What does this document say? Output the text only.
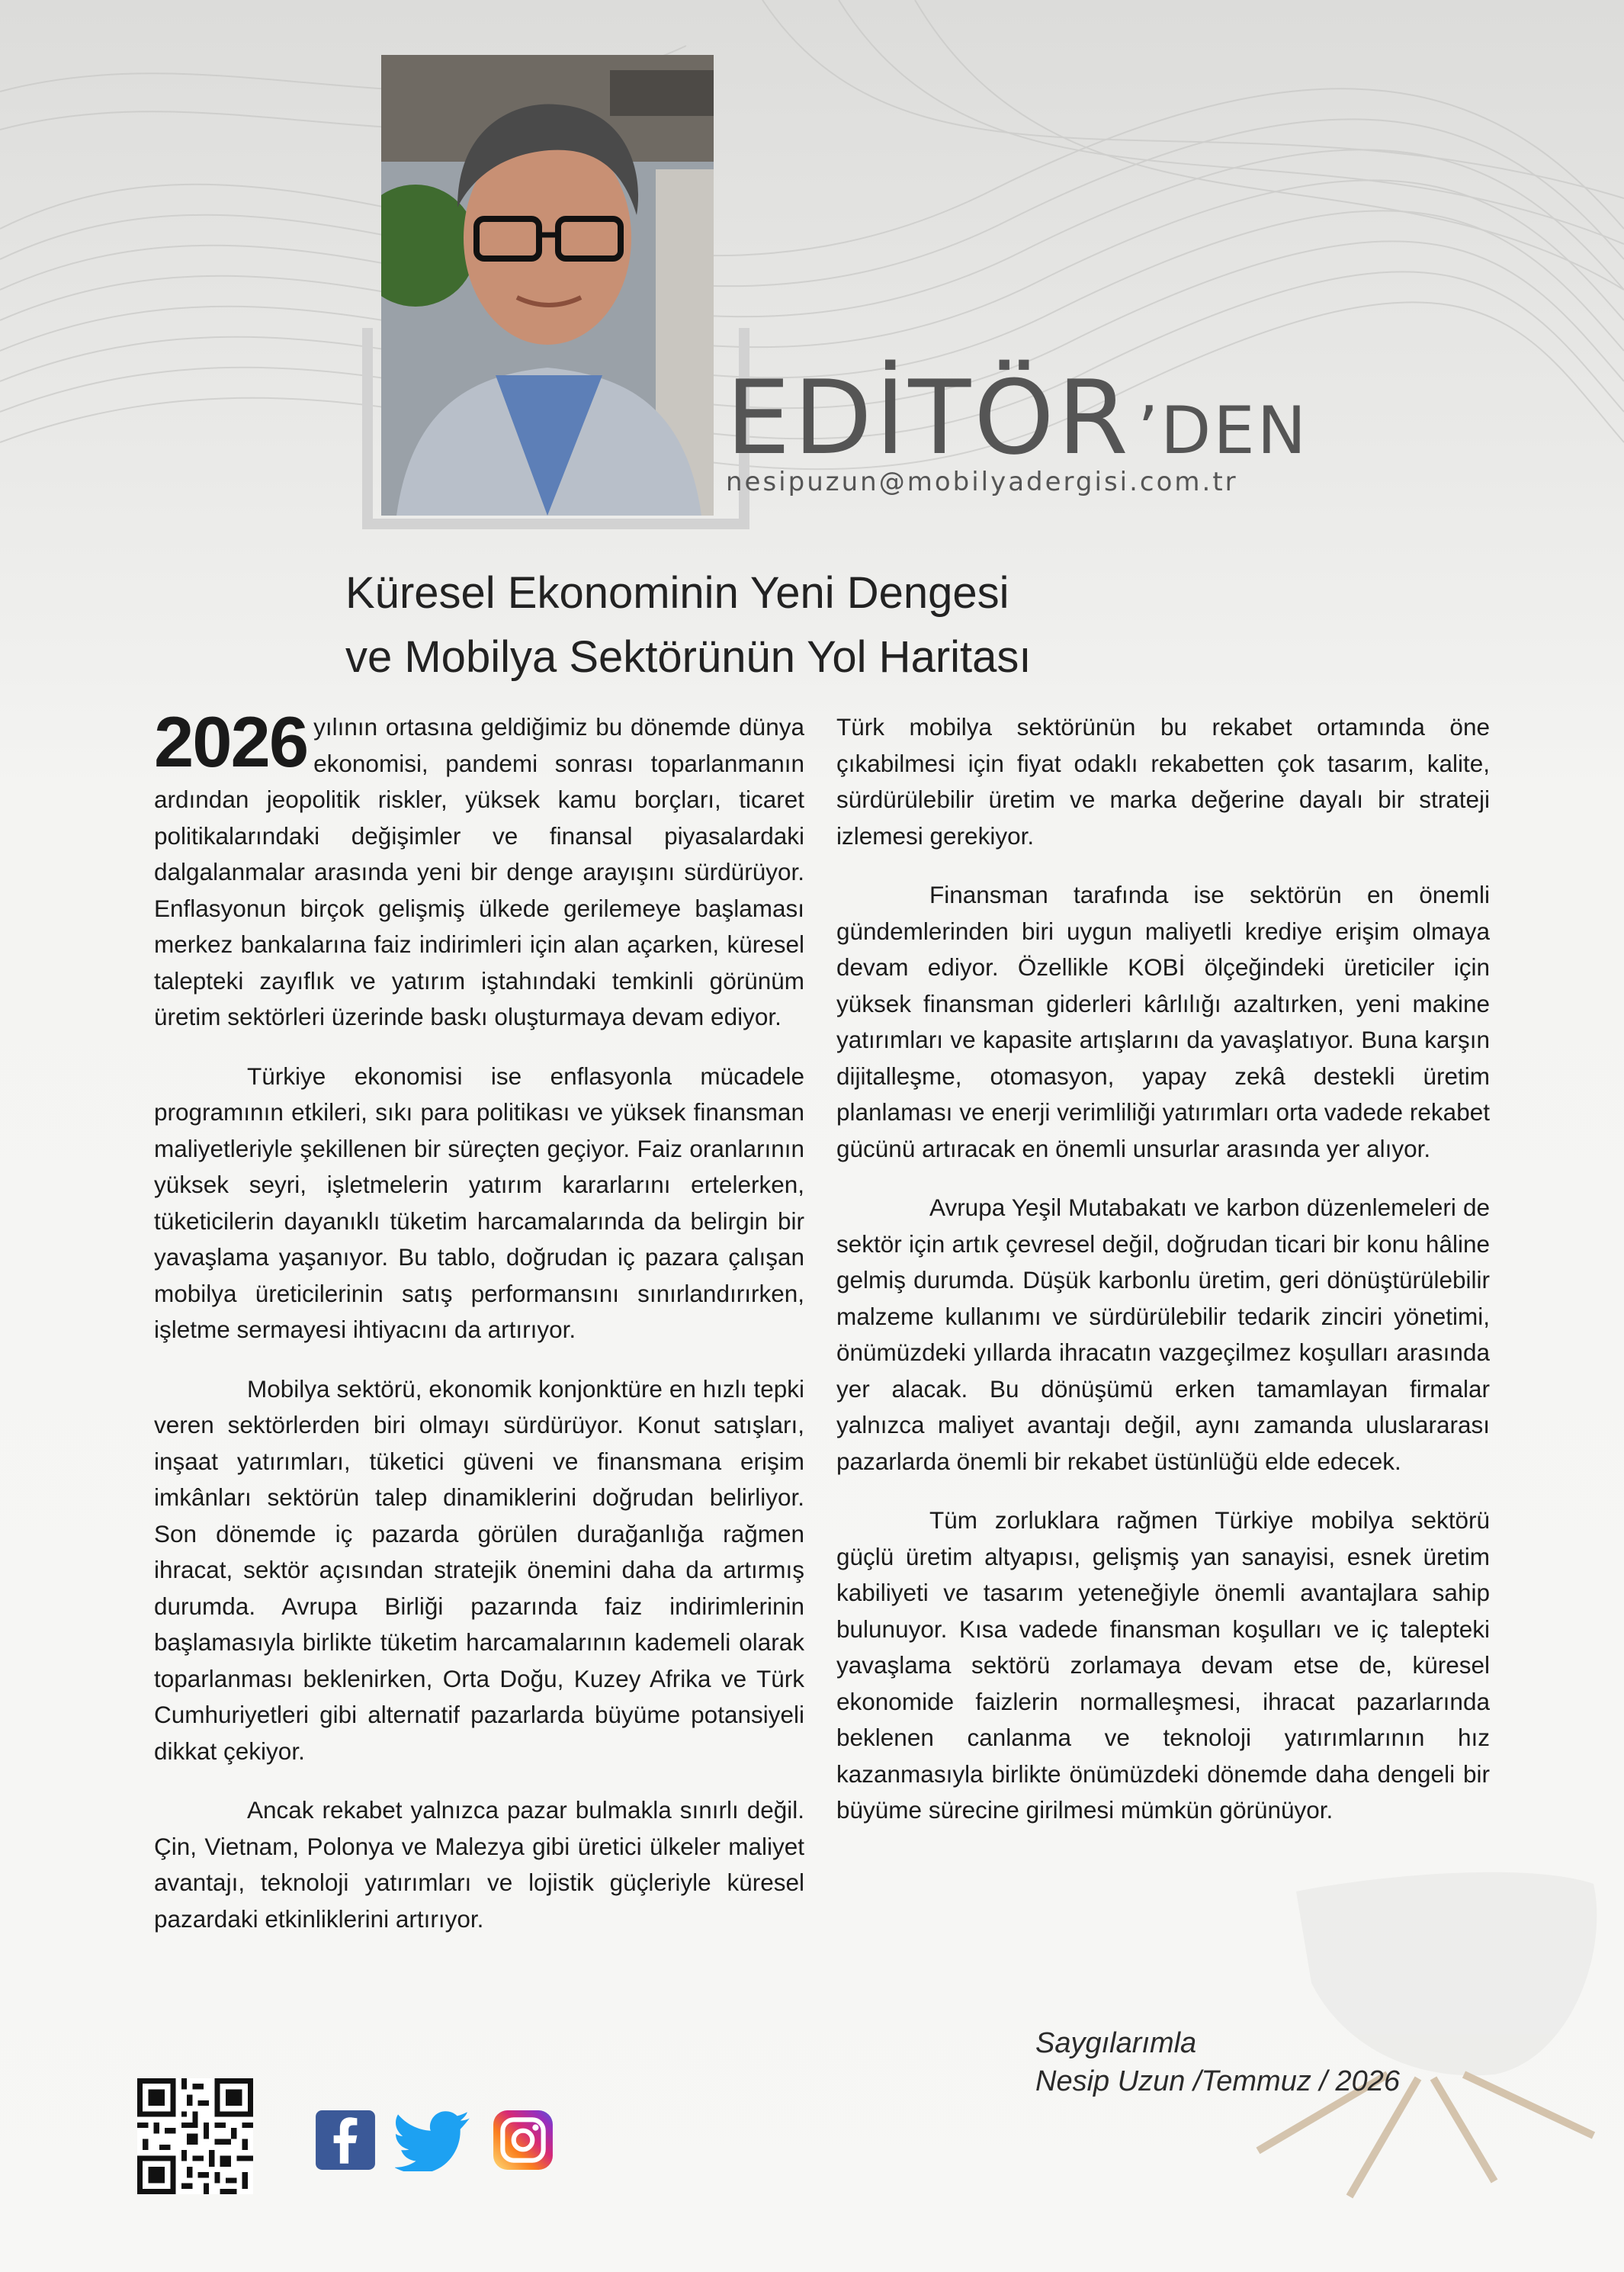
EDİTÖR’DEN
nesipuzun@mobilyadergisi.com.tr
Küresel Ekonominin Yeni Dengesi
ve Mobilya Sektörünün Yol Haritası

2026 yılının ortasına geldiğimiz bu dönemde dünya ekonomisi, pandemi sonrası toparlanmanın ardından jeopolitik riskler, yüksek kamu borçları, ticaret politikalarındaki değişimler ve finansal piyasalardaki dalgalanmalar arasında yeni bir denge arayışını sürdürüyor. Enflasyonun birçok gelişmiş ülkede gerilemeye başlaması merkez bankalarına faiz indirimleri için alan açarken, küresel talepteki zayıflık ve yatırım iştahındaki temkinli görünüm üretim sektörleri üzerinde baskı oluşturmaya devam ediyor.

Türkiye ekonomisi ise enflasyonla mücadele programının etkileri, sıkı para politikası ve yüksek finansman maliyetleriyle şekillenen bir süreçten geçiyor. Faiz oranlarının yüksek seyri, işletmelerin yatırım kararlarını ertelerken, tüketicilerin dayanıklı tüketim harcamalarında da belirgin bir yavaşlama yaşanıyor. Bu tablo, doğrudan iç pazara çalışan mobilya üreticilerinin satış performansını sınırlandırırken, işletme sermayesi ihtiyacını da artırıyor.

Mobilya sektörü, ekonomik konjonktüre en hızlı tepki veren sektörlerden biri olmayı sürdürüyor. Konut satışları, inşaat yatırımları, tüketici güveni ve finansmana erişim imkânları sektörün talep dinamiklerini doğrudan belirliyor. Son dönemde iç pazarda görülen durağanlığa rağmen ihracat, sektör açısından stratejik önemini daha da artırmış durumda. Avrupa Birliği pazarında faiz indirimlerinin başlamasıyla birlikte tüketim harcamalarının kademeli olarak toparlanması beklenirken, Orta Doğu, Kuzey Afrika ve Türk Cumhuriyetleri gibi alternatif pazarlarda büyüme potansiyeli dikkat çekiyor.

Ancak rekabet yalnızca pazar bulmakla sınırlı değil. Çin, Vietnam, Polonya ve Malezya gibi üretici ülkeler maliyet avantajı, teknoloji yatırımları ve lojistik güçleriyle küresel pazardaki etkinliklerini artırıyor.

Türk mobilya sektörünün bu rekabet ortamında öne çıkabilmesi için fiyat odaklı rekabetten çok tasarım, kalite, sürdürülebilir üretim ve marka değerine dayalı bir strateji izlemesi gerekiyor.

Finansman tarafında ise sektörün en önemli gündemlerinden biri uygun maliyetli krediye erişim olmaya devam ediyor. Özellikle KOBİ ölçeğindeki üreticiler için yüksek finansman giderleri kârlılığı azaltırken, yeni makine yatırımları ve kapasite artışlarını da yavaşlatıyor. Buna karşın dijitalleşme, otomasyon, yapay zekâ destekli üretim planlaması ve enerji verimliliği yatırımları orta vadede rekabet gücünü artıracak en önemli unsurlar arasında yer alıyor.

Avrupa Yeşil Mutabakatı ve karbon düzenlemeleri de sektör için artık çevresel değil, doğrudan ticari bir konu hâline gelmiş durumda. Düşük karbonlu üretim, geri dönüştürülebilir malzeme kullanımı ve sürdürülebilir tedarik zinciri yönetimi, önümüzdeki yıllarda ihracatın vazgeçilmez koşulları arasında yer alacak. Bu dönüşümü erken tamamlayan firmalar yalnızca maliyet avantajı değil, aynı zamanda uluslararası pazarlarda önemli bir rekabet üstünlüğü elde edecek.

Tüm zorluklara rağmen Türkiye mobilya sektörü güçlü üretim altyapısı, gelişmiş yan sanayisi, esnek üretim kabiliyeti ve tasarım yeteneğiyle önemli avantajlara sahip bulunuyor. Kısa vadede finansman koşulları ve iç talepteki yavaşlama sektörü zorlamaya devam etse de, küresel ekonomide faizlerin normalleşmesi, ihracat pazarlarında beklenen canlanma ve teknoloji yatırımlarının hız kazanmasıyla birlikte önümüzdeki dönemde daha dengeli bir büyüme sürecine girilmesi mümkün görünüyor.

Saygılarımla
Nesip Uzun /Temmuz / 2026
